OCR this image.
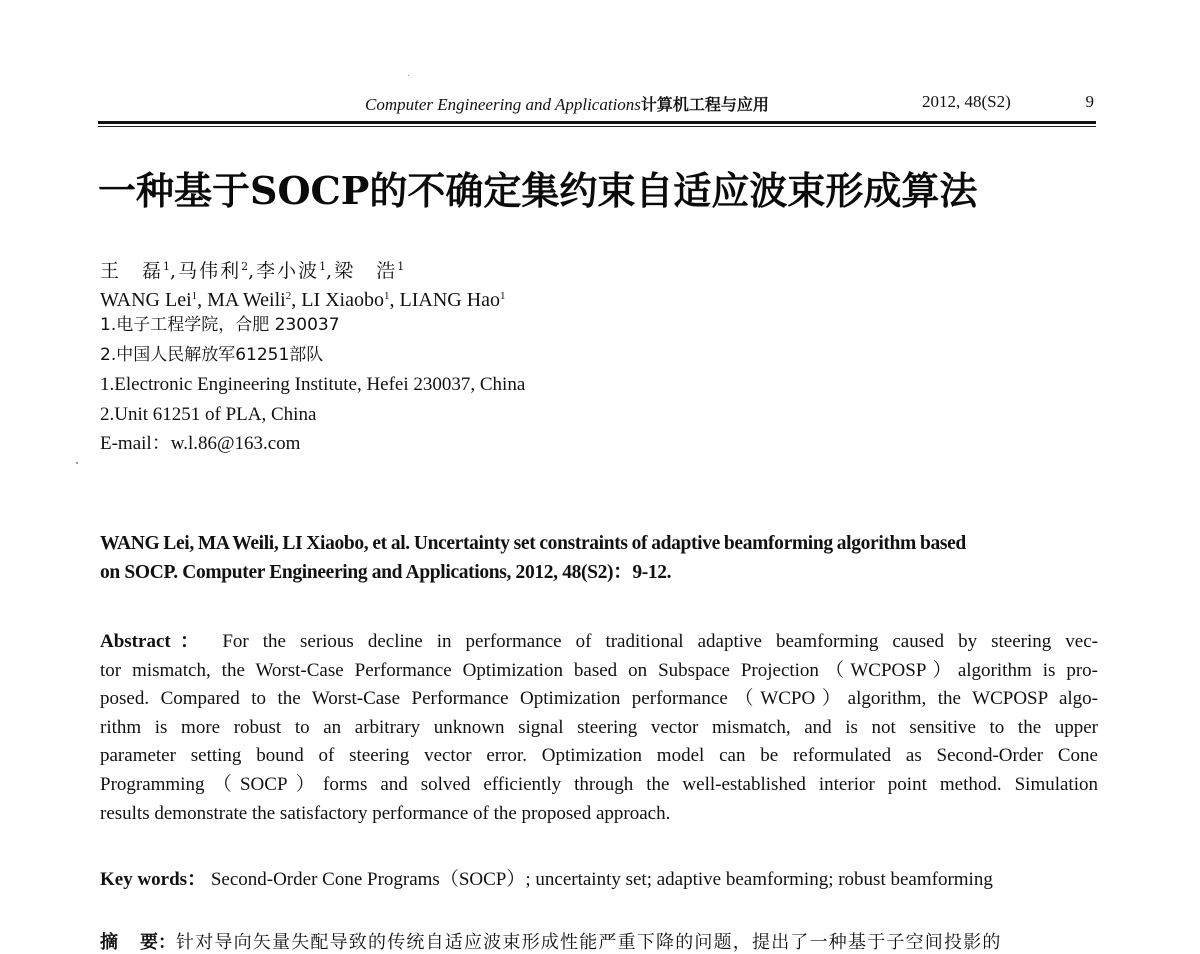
Computer Engineering and Applications计算机工程与应用	2012, 48(S2)	9
一种基于SOCP的不确定集约束自适应波束形成算法
王　磊$^1$,马伟利$^2$,李小波$^1$,梁　浩$^1$
WANG Lei$^1$, MA Weili$^2$, LI Xiaobo$^1$, LIANG Hao$^1$
1.电子工程学院，合肥 230037
2.中国人民解放军61251部队
1.Electronic Engineering Institute, Hefei 230037, China
2.Unit 61251 of PLA, China
E-mail：w.l.86@163.com
WANG Lei, MA Weili, LI Xiaobo, et al. Uncertainty set constraints of adaptive beamforming algorithm based
on SOCP. Computer Engineering and Applications, 2012, 48(S2)：9-12.
Abstract： For the serious decline in performance of traditional adaptive beamforming caused by steering vec-
tor mismatch, the Worst-Case Performance Optimization based on Subspace Projection（WCPOSP）algorithm is pro-
posed. Compared to the Worst-Case Performance Optimization performance（WCPO）algorithm, the WCPOSP algo-
rithm is more robust to an arbitrary unknown signal steering vector mismatch, and is not sensitive to the upper
parameter setting bound of steering vector error. Optimization model can be reformulated as Second-Order Cone
Programming（SOCP）forms and solved efficiently through the well-established interior point method. Simulation
results demonstrate the satisfactory performance of the proposed approach.
Key words： Second-Order Cone Programs（SOCP）; uncertainty set; adaptive beamforming; robust beamforming
摘 要：针对导向矢量失配导致的传统自适应波束形成性能严重下降的问题，提出了一种基于子空间投影的
